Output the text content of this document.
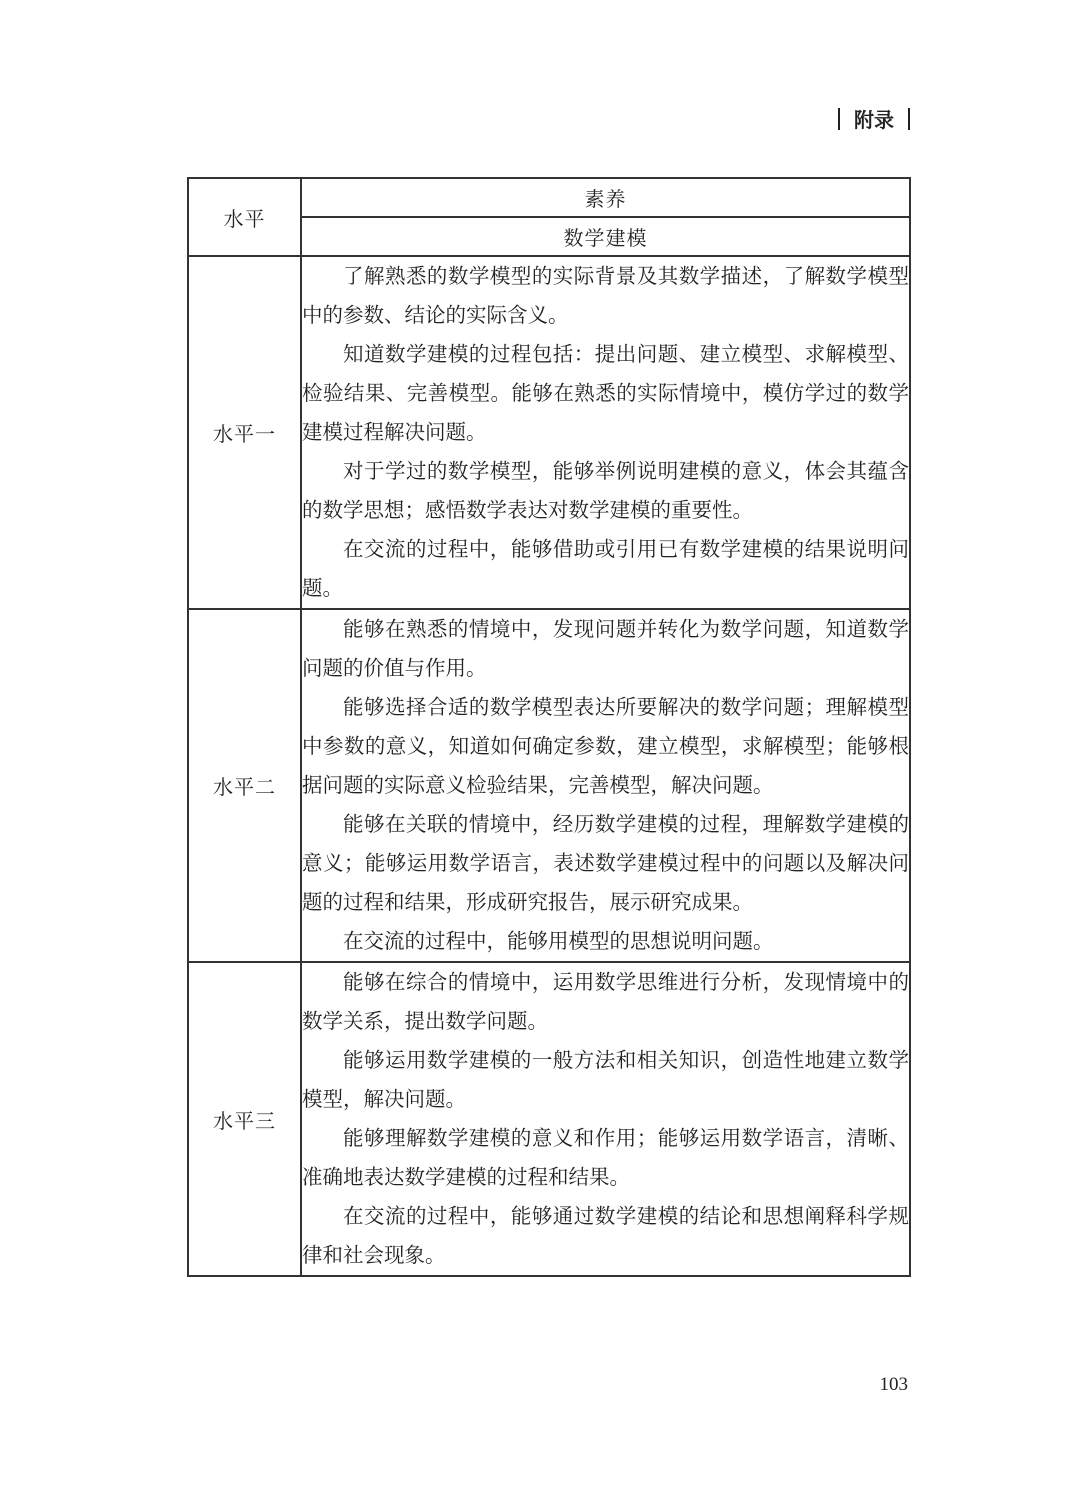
附录
水平	素养
	数学建模
水平一	了解熟悉的数学模型的实际背景及其数学描述，了解数学模型中的参数、结论的实际含义。

知道数学建模的过程包括：提出问题、建立模型、求解模型、检验结果、完善模型。能够在熟悉的实际情境中，模仿学过的数学建模过程解决问题。

对于学过的数学模型，能够举例说明建模的意义，体会其蕴含的数学思想；感悟数学表达对数学建模的重要性。

在交流的过程中，能够借助或引用已有数学建模的结果说明问题。

水平二	能够在熟悉的情境中，发现问题并转化为数学问题，知道数学问题的价值与作用。

能够选择合适的数学模型表达所要解决的数学问题；理解模型中参数的意义，知道如何确定参数，建立模型，求解模型；能够根据问题的实际意义检验结果，完善模型，解决问题。

能够在关联的情境中，经历数学建模的过程，理解数学建模的意义；能够运用数学语言，表述数学建模过程中的问题以及解决问题的过程和结果，形成研究报告，展示研究成果。

在交流的过程中，能够用模型的思想说明问题。

水平三	能够在综合的情境中，运用数学思维进行分析，发现情境中的数学关系，提出数学问题。

能够运用数学建模的一般方法和相关知识，创造性地建立数学模型，解决问题。

能够理解数学建模的意义和作用；能够运用数学语言，清晰、准确地表达数学建模的过程和结果。

在交流的过程中，能够通过数学建模的结论和思想阐释科学规律和社会现象。

103
